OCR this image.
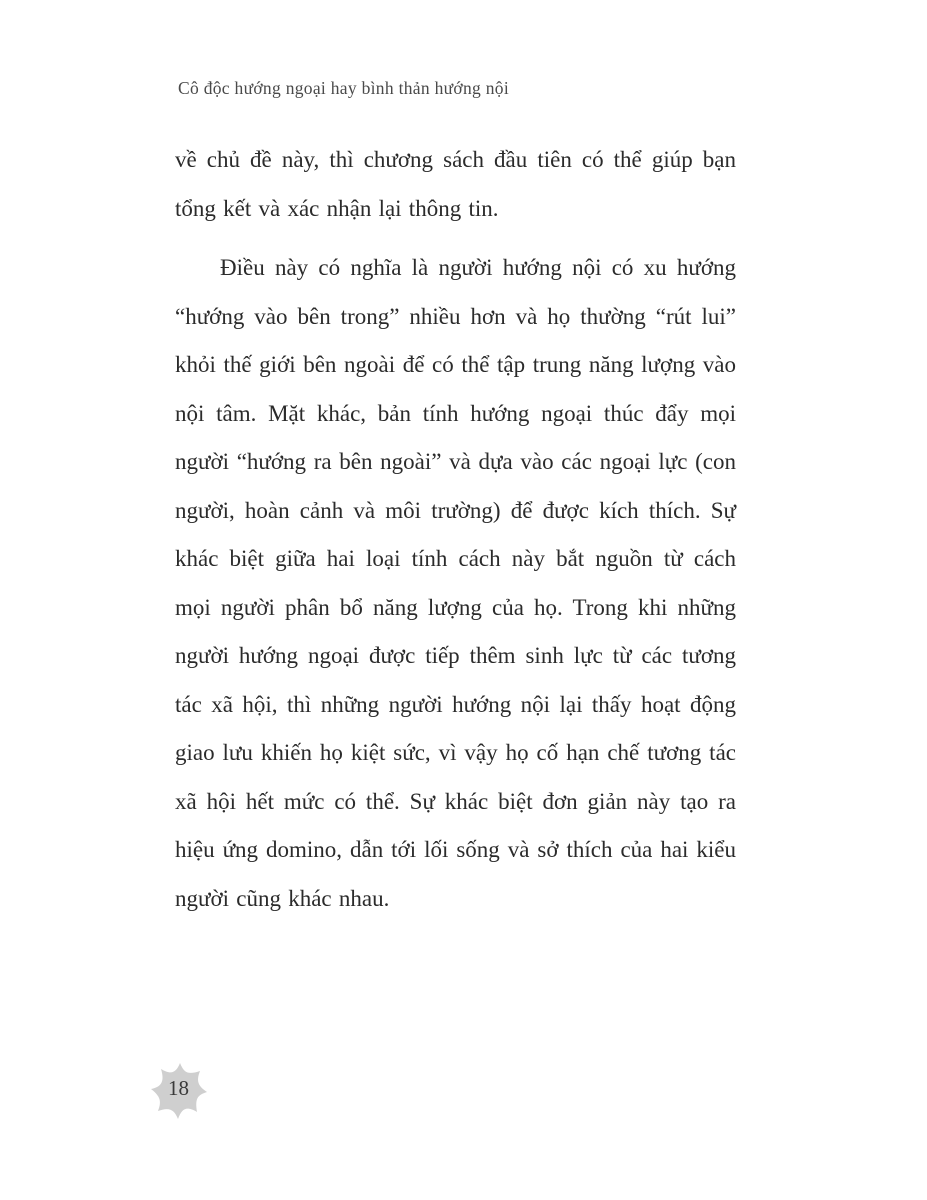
Cô độc hướng ngoại hay bình thản hướng nội

về chủ đề này, thì chương sách đầu tiên có thể giúp bạn tổng kết và xác nhận lại thông tin.

Điều này có nghĩa là người hướng nội có xu hướng “hướng vào bên trong” nhiều hơn và họ thường “rút lui” khỏi thế giới bên ngoài để có thể tập trung năng lượng vào nội tâm. Mặt khác, bản tính hướng ngoại thúc đẩy mọi người “hướng ra bên ngoài” và dựa vào các ngoại lực (con người, hoàn cảnh và môi trường) để được kích thích. Sự khác biệt giữa hai loại tính cách này bắt nguồn từ cách mọi người phân bổ năng lượng của họ. Trong khi những người hướng ngoại được tiếp thêm sinh lực từ các tương tác xã hội, thì những người hướng nội lại thấy hoạt động giao lưu khiến họ kiệt sức, vì vậy họ cố hạn chế tương tác xã hội hết mức có thể. Sự khác biệt đơn giản này tạo ra hiệu ứng domino, dẫn tới lối sống và sở thích của hai kiểu người cũng khác nhau.

18
